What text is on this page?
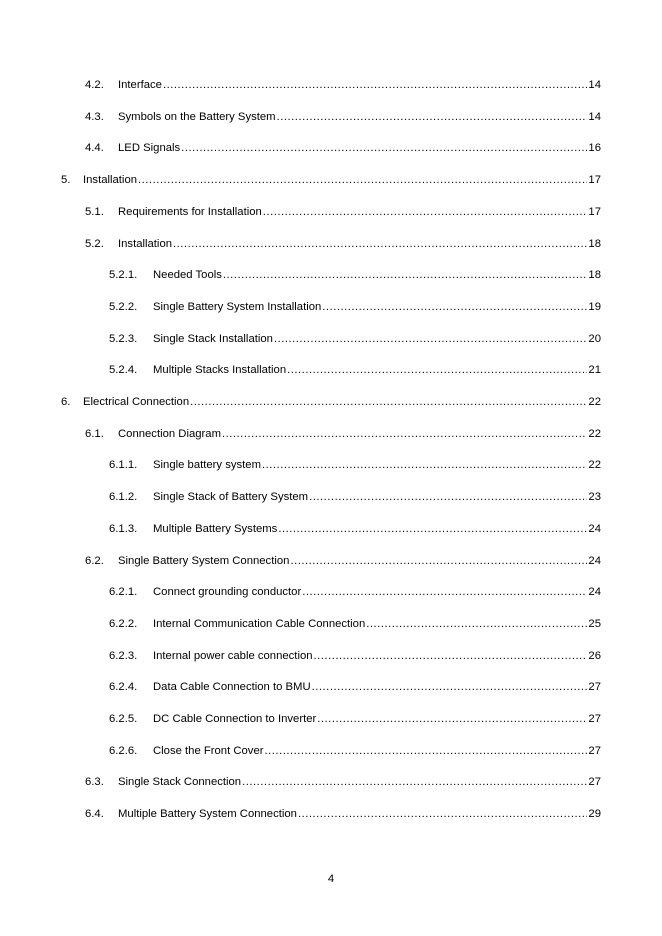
4.2.	Interface .....	14
4.3.	Symbols on the Battery System .....	14
4.4.	LED Signals .....	16
5.	Installation .....	17
5.1.	Requirements for Installation .....	17
5.2.	Installation .....	18
5.2.1.	Needed Tools .....	18
5.2.2.	Single Battery System Installation .....	19
5.2.3.	Single Stack Installation .....	20
5.2.4.	Multiple Stacks Installation .....	21
6.	Electrical Connection .....	22
6.1.	Connection Diagram .....	22
6.1.1.	Single battery system .....	22
6.1.2.	Single Stack of Battery System .....	23
6.1.3.	Multiple Battery Systems .....	24
6.2.	Single Battery System Connection .....	24
6.2.1.	Connect grounding conductor .....	24
6.2.2.	Internal Communication Cable Connection .....	25
6.2.3.	Internal power cable connection .....	26
6.2.4.	Data Cable Connection to BMU .....	27
6.2.5.	DC Cable Connection to Inverter .....	27
6.2.6.	Close the Front Cover .....	27
6.3.	Single Stack Connection .....	27
6.4.	Multiple Battery System Connection .....	29
4
